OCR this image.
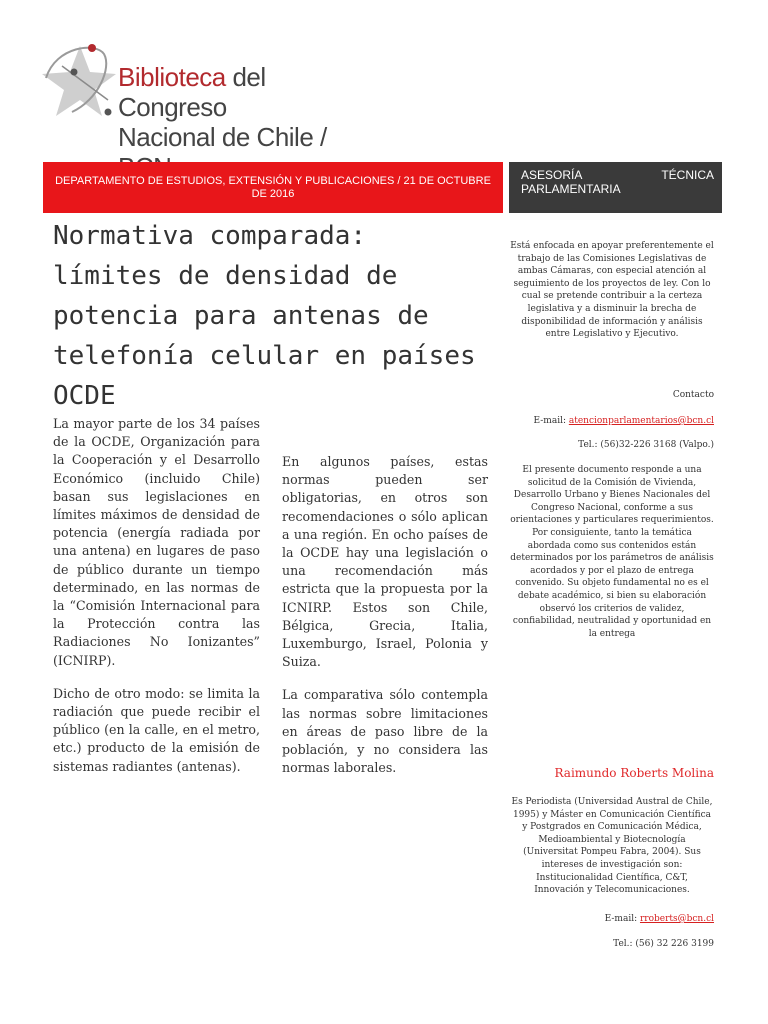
Biblioteca del Congreso
Nacional de Chile /
DEPARTAMENTO DE ESTUDIOS, EXTENSIÓN Y PUBLICACIONES / 21 DE OCTUBRE DE 2016
ASESORÍA	TÉCNICA
PARLAMENTARIA
Normativa comparada: límites de densidad de potencia para antenas de telefonía celular en países OCDE

La mayor parte de los 34 países de la OCDE, Organización para la Cooperación y el Desarrollo Económico (incluido Chile) basan sus legislaciones en límites máximos de densidad de potencia (energía radiada por una antena) en lugares de paso de público durante un tiempo determinado, en las normas de la “Comisión Internacional para la Protección contra las Radiaciones No Ionizantes” (ICNIRP).

Dicho de otro modo: se limita la radiación que puede recibir el público (en la calle, en el metro, etc.) producto de la emisión de sistemas radiantes (antenas).

En algunos países, estas normas pueden ser obligatorias, en otros son recomendaciones o sólo aplican a una región. En ocho países de la OCDE hay una legislación o una recomendación más estricta que la propuesta por la ICNIRP. Estos son Chile, Bélgica, Grecia, Italia, Luxemburgo, Israel, Polonia y Suiza.

La comparativa sólo contempla las normas sobre limitaciones en áreas de paso libre de la población, y no considera las normas laborales.

Está enfocada en apoyar preferentemente el trabajo de las Comisiones Legislativas de ambas Cámaras, con especial atención al seguimiento de los proyectos de ley. Con lo cual se pretende contribuir a la certeza legislativa y a disminuir la brecha de disponibilidad de información y análisis entre Legislativo y Ejecutivo.

Contacto

E-mail: atencionparlamentarios@bcn.cl

Tel.: (56)32-226 3168 (Valpo.)

El presente documento responde a una solicitud de la Comisión de Vivienda, Desarrollo Urbano y Bienes Nacionales del Congreso Nacional, conforme a sus orientaciones y particulares requerimientos. Por consiguiente, tanto la temática abordada como sus contenidos están determinados por los parámetros de análisis acordados y por el plazo de entrega convenido. Su objeto fundamental no es el debate académico, si bien su elaboración observó los criterios de validez, confiabilidad, neutralidad y oportunidad en la entrega

Raimundo Roberts Molina

Es Periodista (Universidad Austral de Chile, 1995) y Máster en Comunicación Científica y Postgrados en Comunicación Médica, Medioambiental y Biotecnología (Universitat Pompeu Fabra, 2004). Sus intereses de investigación son: Institucionalidad Científica, C&T, Innovación y Telecomunicaciones.

E-mail: rroberts@bcn.cl

Tel.: (56) 32 226 3199
